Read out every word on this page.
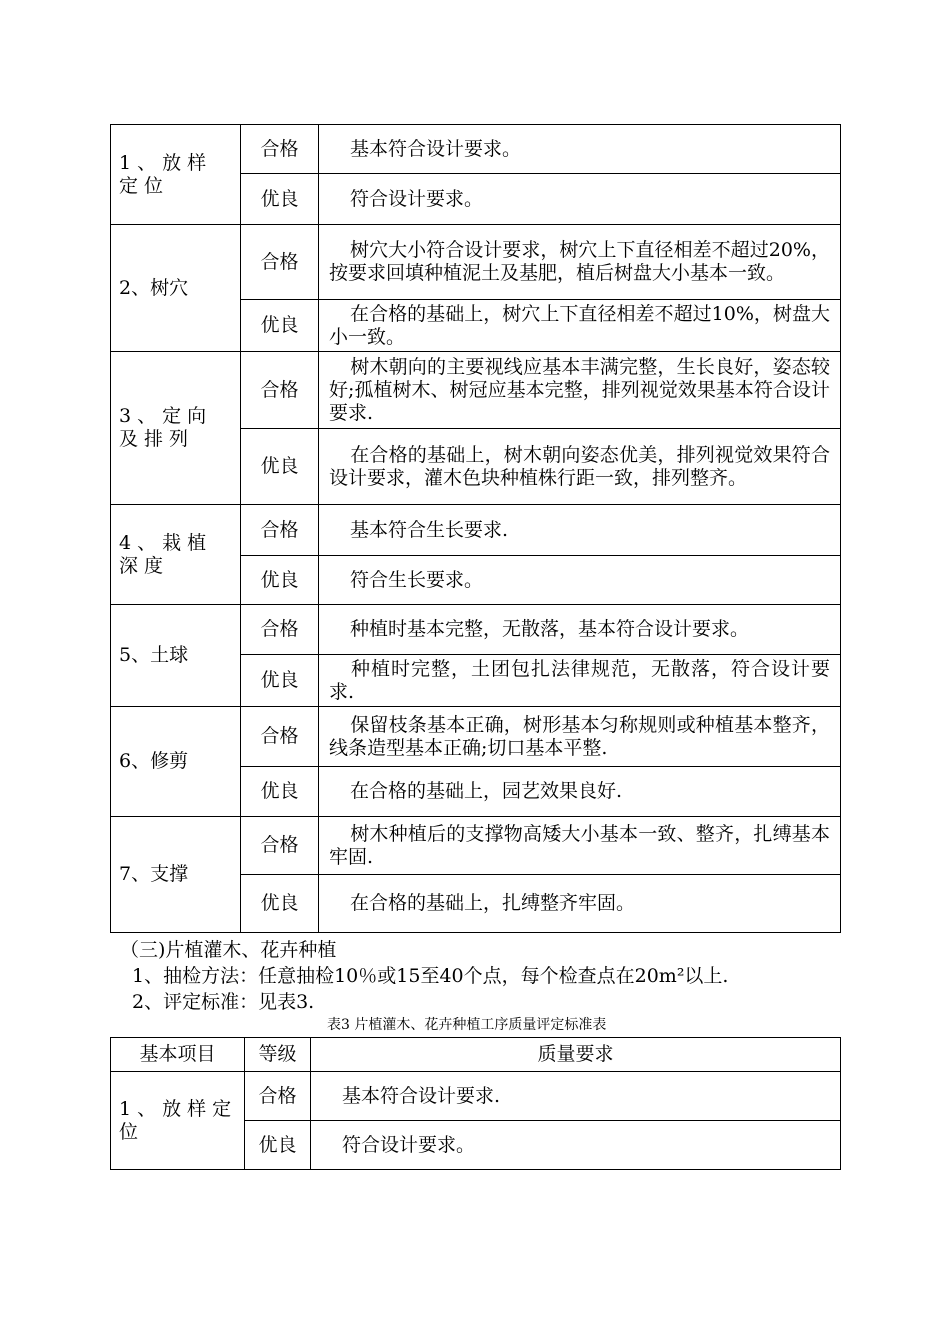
1、放样定位	合格	基本符合设计要求。
	优良	符合设计要求。
2、树穴	合格	树穴大小符合设计要求，树穴上下直径相差不超过20%，按要求回填种植泥土及基肥，植后树盘大小基本一致。
	优良	在合格的基础上，树穴上下直径相差不超过10%，树盘大小一致。
3、定向及排列	合格	树木朝向的主要视线应基本丰满完整，生长良好，姿态较好;孤植树木、树冠应基本完整，排列视觉效果基本符合设计要求.
	优良	在合格的基础上，树木朝向姿态优美，排列视觉效果符合设计要求，灌木色块种植株行距一致，排列整齐。
4、栽植深度	合格	基本符合生长要求.
	优良	符合生长要求。
5、土球	合格	种植时基本完整，无散落，基本符合设计要求。
	优良	种植时完整，土团包扎法律规范，无散落，符合设计要求.
6、修剪	合格	保留枝条基本正确，树形基本匀称规则或种植基本整齐，线条造型基本正确;切口基本平整.
	优良	在合格的基础上，园艺效果良好.
7、支撑	合格	树木种植后的支撑物高矮大小基本一致、整齐，扎缚基本牢固.
	优良	在合格的基础上，扎缚整齐牢固。
（三)片植灌木、花卉种植
1、抽检方法：任意抽检10％或15至40个点，每个检查点在20m²以上.
2、评定标准：见表3.
表3 片植灌木、花卉种植工序质量评定标准表
基本项目	等级	质量要求
1、放样定位	合格	基本符合设计要求.
	优良	符合设计要求。
